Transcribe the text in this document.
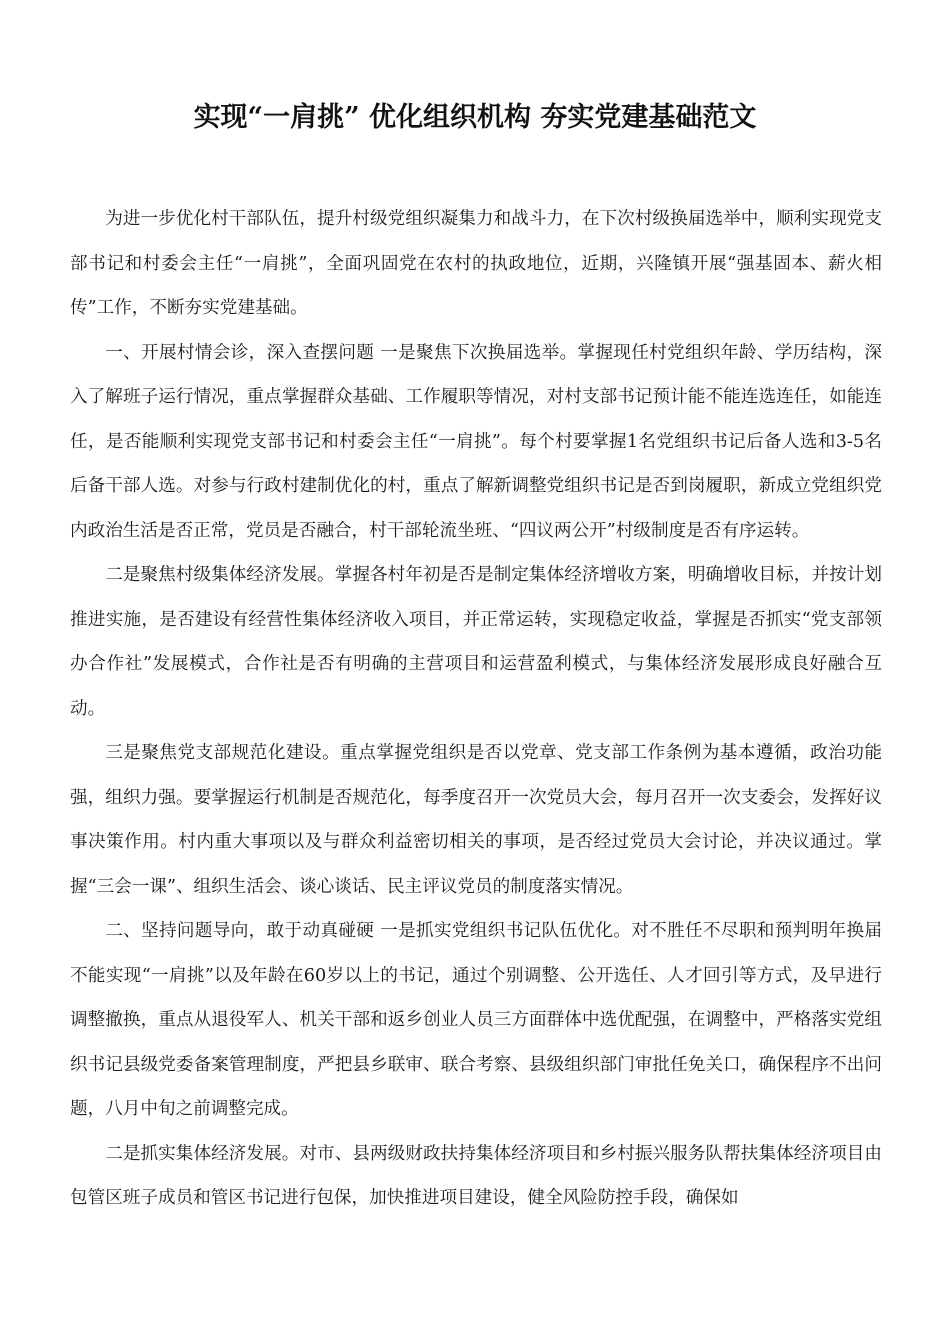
实现“一肩挑” 优化组织机构 夯实党建基础范文

为进一步优化村干部队伍，提升村级党组织凝集力和战斗力，在下次村级换届选举中，顺利实现党支部书记和村委会主任“一肩挑”，全面巩固党在农村的执政地位，近期，兴隆镇开展“强基固本、薪火相传”工作，不断夯实党建基础。

一、开展村情会诊，深入查摆问题 一是聚焦下次换届选举。掌握现任村党组织年龄、学历结构，深入了解班子运行情况，重点掌握群众基础、工作履职等情况，对村支部书记预计能不能连选连任，如能连任，是否能顺利实现党支部书记和村委会主任“一肩挑”。每个村要掌握1名党组织书记后备人选和3-5名后备干部人选。对参与行政村建制优化的村，重点了解新调整党组织书记是否到岗履职，新成立党组织党内政治生活是否正常，党员是否融合，村干部轮流坐班、“四议两公开”村级制度是否有序运转。

二是聚焦村级集体经济发展。掌握各村年初是否是制定集体经济增收方案，明确增收目标，并按计划推进实施，是否建设有经营性集体经济收入项目，并正常运转，实现稳定收益，掌握是否抓实“党支部领办合作社”发展模式，合作社是否有明确的主营项目和运营盈利模式，与集体经济发展形成良好融合互动。

三是聚焦党支部规范化建设。重点掌握党组织是否以党章、党支部工作条例为基本遵循，政治功能强，组织力强。要掌握运行机制是否规范化，每季度召开一次党员大会，每月召开一次支委会，发挥好议事决策作用。村内重大事项以及与群众利益密切相关的事项，是否经过党员大会讨论，并决议通过。掌握“三会一课”、组织生活会、谈心谈话、民主评议党员的制度落实情况。

二、坚持问题导向，敢于动真碰硬 一是抓实党组织书记队伍优化。对不胜任不尽职和预判明年换届不能实现“一肩挑”以及年龄在60岁以上的书记，通过个别调整、公开选任、人才回引等方式，及早进行调整撤换，重点从退役军人、机关干部和返乡创业人员三方面群体中选优配强，在调整中，严格落实党组织书记县级党委备案管理制度，严把县乡联审、联合考察、县级组织部门审批任免关口，确保程序不出问题，八月中旬之前调整完成。

二是抓实集体经济发展。对市、县两级财政扶持集体经济项目和乡村振兴服务队帮扶集体经济项目由包管区班子成员和管区书记进行包保，加快推进项目建设，健全风险防控手段，确保如
